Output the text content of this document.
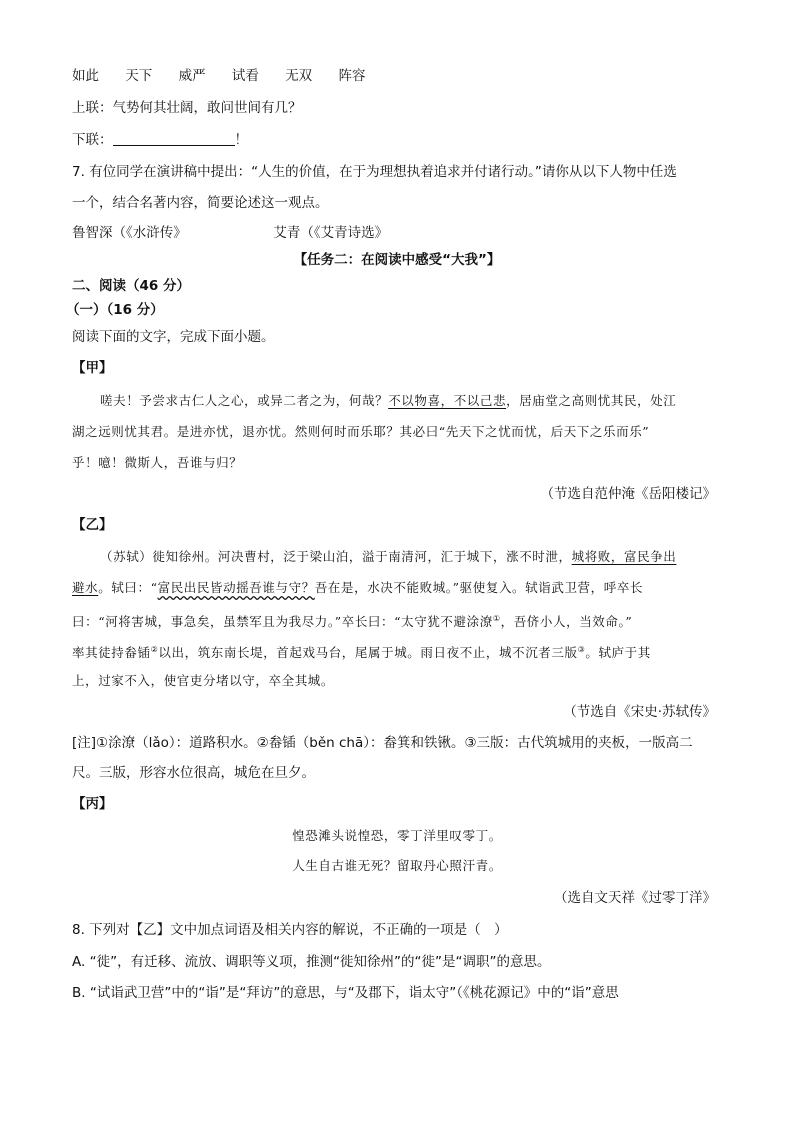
如此 天下 威严 试看 无双 阵容
上联：气势何其壮阔，敢问世间有几？
下联：	！
7. 有位同学在演讲稿中提出：“人生的价值，在于为理想执着追求并付诸行动。”请你从以下人物中任选
一个，结合名著内容，简要论述这一观点。
鲁智深（《水浒传》	艾青（《艾青诗选》
【任务二：在阅读中感受“大我”】
二、阅读（46 分）
（一）（16 分）
阅读下面的文字，完成下面小题。
【甲】
嗟夫！予尝求古仁人之心，或异二者之为，何哉？不以物喜，不以己悲，居庙堂之高则忧其民，处江
湖之远则忧其君。是进亦忧，退亦忧。然则何时而乐耶？其必曰“先天下之忧而忧，后天下之乐而乐”
乎！噫！微斯人，吾谁与归？
（节选自范仲淹《岳阳楼记》
【乙】
（苏轼）徙知徐州。河决曹村，泛于梁山泊，溢于南清河，汇于城下，涨不时泄，城将败，富民争出
避水。轼曰：“富民出民皆动摇吾谁与守？吾在是，水决不能败城。”驱使复入。轼诣武卫营，呼卒长
曰：“河将害城，事急矣，虽禁军且为我尽力。”卒长曰：“太守犹不避涂潦①，吾侪小人，当效命。”
率其徒持畚锸②以出，筑东南长堤，首起戏马台，尾属于城。雨日夜不止，城不沉者三版③。轼庐于其
上，过家不入，使官吏分堵以守，卒全其城。
（节选自《宋史·苏轼传》
[注]①涂潦（lǎo）：道路积水。②畚锸（běn chā）：畚箕和铁锹。③三版：古代筑城用的夹板，一版高二
尺。三版，形容水位很高，城危在旦夕。
【丙】
惶恐滩头说惶恐，零丁洋里叹零丁。
人生自古谁无死？留取丹心照汗青。
（选自文天祥《过零丁洋》
8. 下列对【乙】文中加点词语及相关内容的解说，不正确的一项是（　）
A. “徙”，有迁移、流放、调职等义项，推测“徙知徐州”的“徙”是“调职”的意思。
B. “试诣武卫营”中的“诣”是“拜访”的意思，与“及郡下，诣太守”（《桃花源记》中的“诣”意思
